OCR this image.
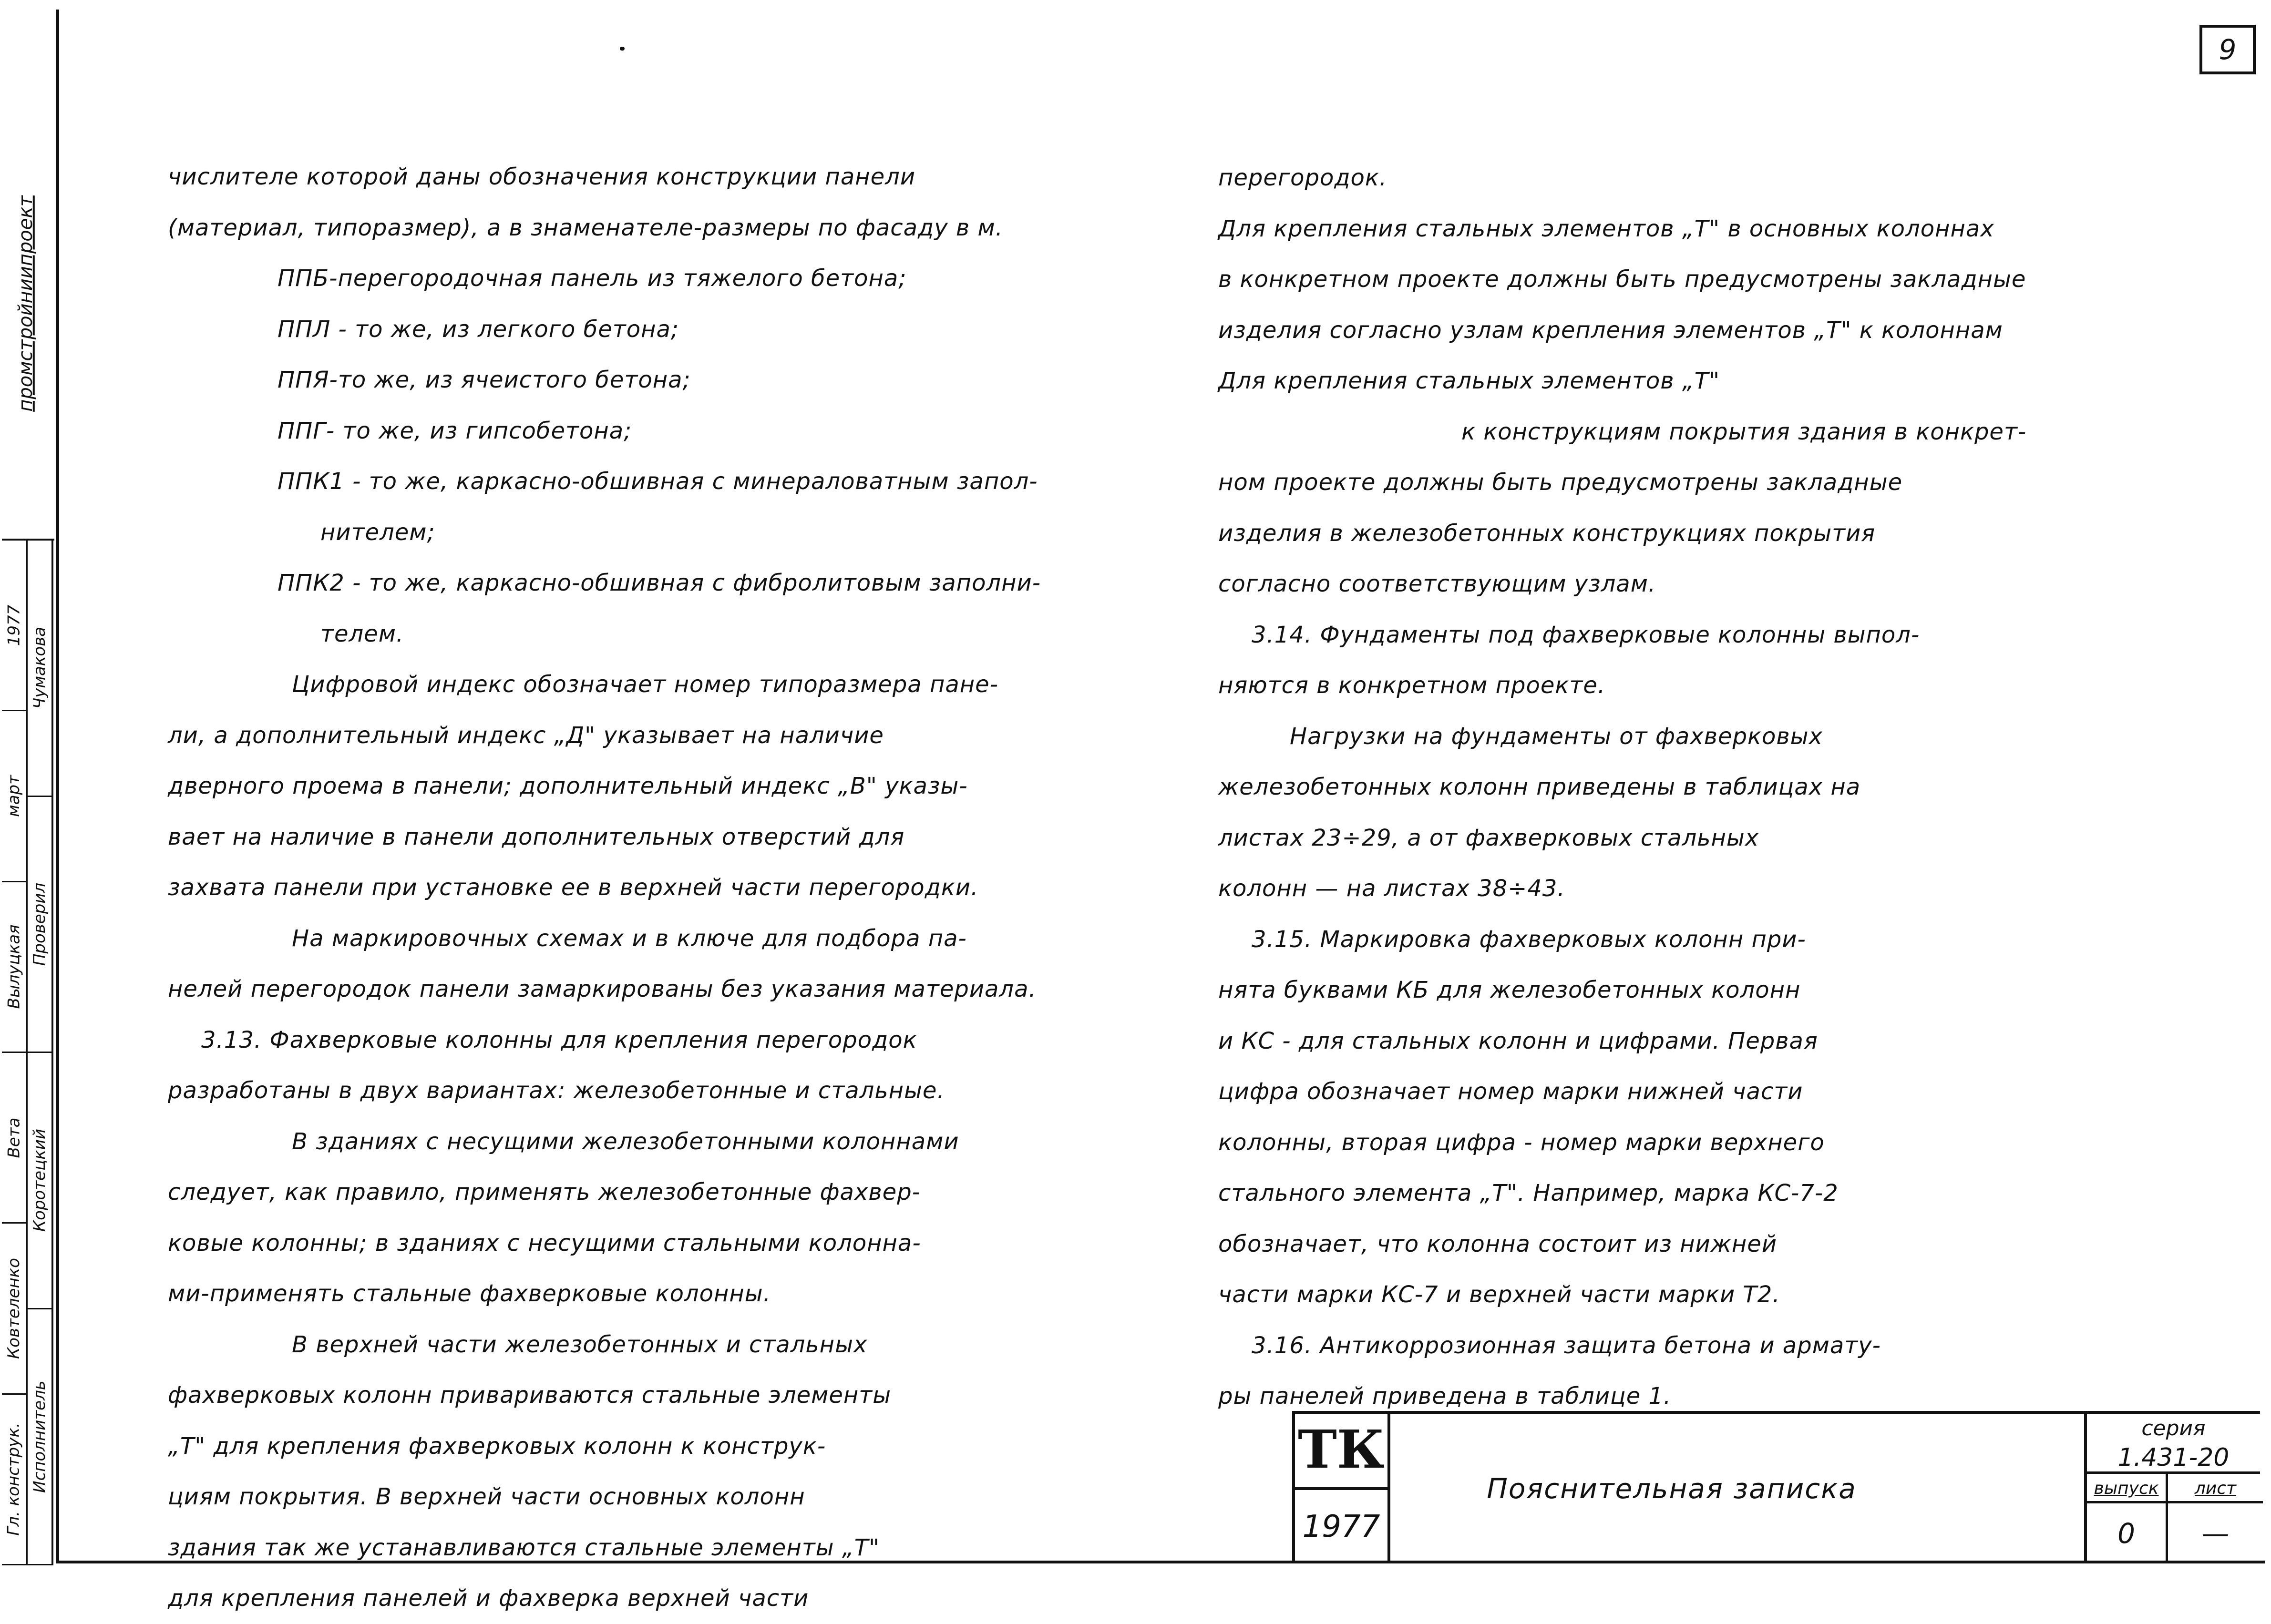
9
промстройниипроект
1977
март
Вылуцкая
Вета
Ковтеленко
Гл. конструк.
Чумакова
Проверил
Коротецкий
Исполнитель
числителе которой даны обозначения конструкции панели
(материал, типоразмер), а в знаменателе-размеры по фасаду в м.
ППБ-перегородочная панель из тяжелого бетона;
ППЛ - то же, из легкого бетона;
ППЯ-то же, из ячеистого бетона;
ППГ- то же, из гипсобетона;
ППК1 - то же, каркасно-обшивная с минераловатным запол-
нителем;
ППК2 - то же, каркасно-обшивная с фибролитовым заполни-
телем.
Цифровой индекс обозначает номер типоразмера пане-
ли, а дополнительный индекс „Д" указывает на наличие
дверного проема в панели; дополнительный индекс „В" указы-
вает на наличие в панели дополнительных отверстий для
захвата панели при установке ее в верхней части перегородки.
На маркировочных схемах и в ключе для подбора па-
нелей перегородок панели замаркированы без указания материала.
3.13. Фахверковые колонны для крепления перегородок
разработаны в двух вариантах: железобетонные и стальные.
В зданиях с несущими железобетонными колоннами
следует, как правило, применять железобетонные фахвер-
ковые колонны; в зданиях с несущими стальными колонна-
ми-применять стальные фахверковые колонны.
В верхней части железобетонных и стальных
фахверковых колонн привариваются стальные элементы
„Т" для крепления фахверковых колонн к конструк-
циям покрытия. В верхней части основных колонн
здания так же устанавливаются стальные элементы „Т"
для крепления панелей и фахверка верхней части
перегородок.
Для крепления стальных элементов „Т" в основных колоннах
в конкретном проекте должны быть предусмотрены закладные
изделия согласно узлам крепления элементов „Т" к колоннам
Для крепления стальных элементов „Т"
к конструкциям покрытия здания в конкрет-
ном проекте должны быть предусмотрены закладные
изделия в железобетонных конструкциях покрытия
согласно соответствующим узлам.
3.14. Фундаменты под фахверковые колонны выпол-
няются в конкретном проекте.
Нагрузки на фундаменты от фахверковых
железобетонных колонн приведены в таблицах на
листах 23÷29, а от фахверковых стальных
колонн — на листах 38÷43.
3.15. Маркировка фахверковых колонн при-
нята буквами КБ для железобетонных колонн
и КС - для стальных колонн и цифрами. Первая
цифра обозначает номер марки нижней части
колонны, вторая цифра - номер марки верхнего
стального элемента „Т". Например, марка КС-7-2
обозначает, что колонна состоит из нижней
части марки КС-7 и верхней части марки Т2.
3.16. Антикоррозионная защита бетона и армату-
ры панелей приведена в таблице 1.
ТК
1977
Пояснительная записка
серия
1.431-20
выпуск	лист
0	—
